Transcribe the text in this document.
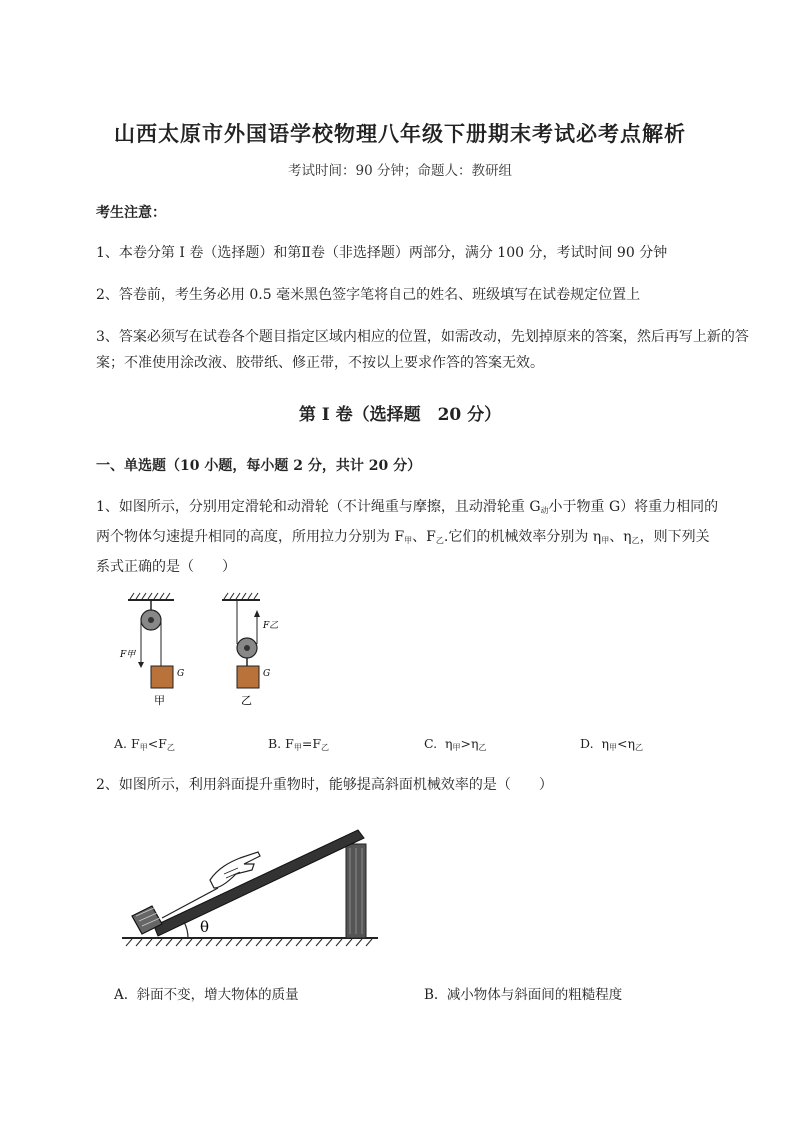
山西太原市外国语学校物理八年级下册期末考试必考点解析
考试时间：90 分钟；命题人：教研组
考生注意：
1、本卷分第 I 卷（选择题）和第Ⅱ卷（非选择题）两部分，满分 100 分，考试时间 90 分钟
2、答卷前，考生务必用 0.5 毫米黑色签字笔将自己的姓名、班级填写在试卷规定位置上
3、答案必须写在试卷各个题目指定区域内相应的位置，如需改动，先划掉原来的答案，然后再写上新的答案；不准使用涂改液、胶带纸、修正带，不按以上要求作答的答案无效。
第 I 卷（选择题　20 分）
一、单选题（10 小题，每小题 2 分，共计 20 分）
1、如图所示，分别用定滑轮和动滑轮（不计绳重与摩擦，且动滑轮重 $G_动$小于物重 G）将重力相同的
两个物体匀速提升相同的高度，所用拉力分别为 $F_甲$、$F_乙$.它们的机械效率分别为 $\eta_甲$、$\eta_乙$，则下列关
系式正确的是（　　）
F甲
G
甲
F乙
G
乙
A. $F_甲<F_乙$	B. $F_甲=F_乙$	C. $\eta_甲>\eta_乙$	D. $\eta_甲<\eta_乙$
2、如图所示，利用斜面提升重物时，能够提高斜面机械效率的是（　　）
θ
A. 斜面不变，增大物体的质量	B. 减小物体与斜面间的粗糙程度
